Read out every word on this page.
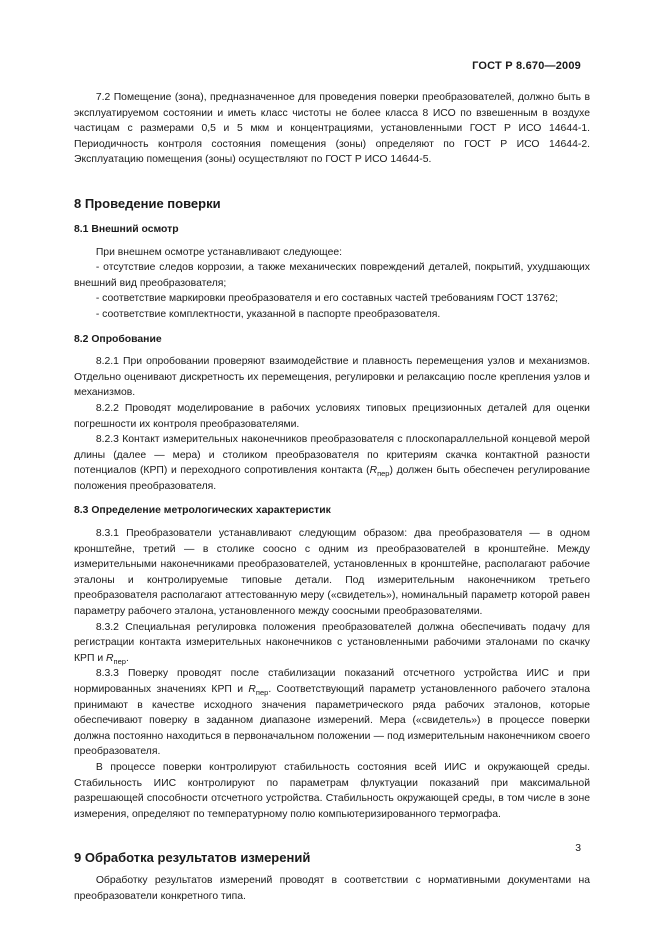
ГОСТ Р 8.670—2009

7.2 Помещение (зона), предназначенное для проведения поверки преобразователей, должно быть в эксплуатируемом состоянии и иметь класс чистоты не более класса 8 ИСО по взвешенным в воздухе частицам с размерами 0,5 и 5 мкм и концентрациями, установленными ГОСТ Р ИСО 14644-1. Периодичность контроля состояния помещения (зоны) определяют по ГОСТ Р ИСО 14644-2. Эксплуатацию помещения (зоны) осуществляют по ГОСТ Р ИСО 14644-5.

8 Проведение поверки

8.1 Внешний осмотр

При внешнем осмотре устанавливают следующее:

- отсутствие следов коррозии, а также механических повреждений деталей, покрытий, ухудшающих внешний вид преобразователя;

- соответствие маркировки преобразователя и его составных частей требованиям ГОСТ 13762;

- соответствие комплектности, указанной в паспорте преобразователя.

8.2 Опробование

8.2.1 При опробовании проверяют взаимодействие и плавность перемещения узлов и механизмов. Отдельно оценивают дискретность их перемещения, регулировки и релаксацию после крепления узлов и механизмов.

8.2.2 Проводят моделирование в рабочих условиях типовых прецизионных деталей для оценки погрешности их контроля преобразователями.

8.2.3 Контакт измерительных наконечников преобразователя с плоскопараллельной концевой мерой длины (далее — мера) и столиком преобразователя по критериям скачка контактной разности потенциалов (КРП) и переходного сопротивления контакта $(R_{пер})$ должен быть обеспечен регулирование положения преобразователя.

8.3 Определение метрологических характеристик

8.3.1 Преобразователи устанавливают следующим образом: два преобразователя — в одном кронштейне, третий — в столике соосно с одним из преобразователей в кронштейне. Между измерительными наконечниками преобразователей, установленных в кронштейне, располагают рабочие эталоны и контролируемые типовые детали. Под измерительным наконечником третьего преобразователя располагают аттестованную меру («свидетель»), номинальный параметр которой равен параметру рабочего эталона, установленного между соосными преобразователями.

8.3.2 Специальная регулировка положения преобразователей должна обеспечивать подачу для регистрации контакта измерительных наконечников с установленными рабочими эталонами по скачку КРП и $R_{пер}$.

8.3.3 Поверку проводят после стабилизации показаний отсчетного устройства ИИС и при нормированных значениях КРП и $R_{пер}$. Соответствующий параметр установленного рабочего эталона принимают в качестве исходного значения параметрического ряда рабочих эталонов, которые обеспечивают поверку в заданном диапазоне измерений. Мера («свидетель») в процессе поверки должна постоянно находиться в первоначальном положении — под измерительным наконечником своего преобразователя.

В процессе поверки контролируют стабильность состояния всей ИИС и окружающей среды. Стабильность ИИС контролируют по параметрам флуктуации показаний при максимальной разрешающей способности отсчетного устройства. Стабильность окружающей среды, в том числе в зоне измерения, определяют по температурному полю компьютеризированного термографа.

9 Обработка результатов измерений

Обработку результатов измерений проводят в соответствии с нормативными документами на преобразователи конкретного типа.

3
